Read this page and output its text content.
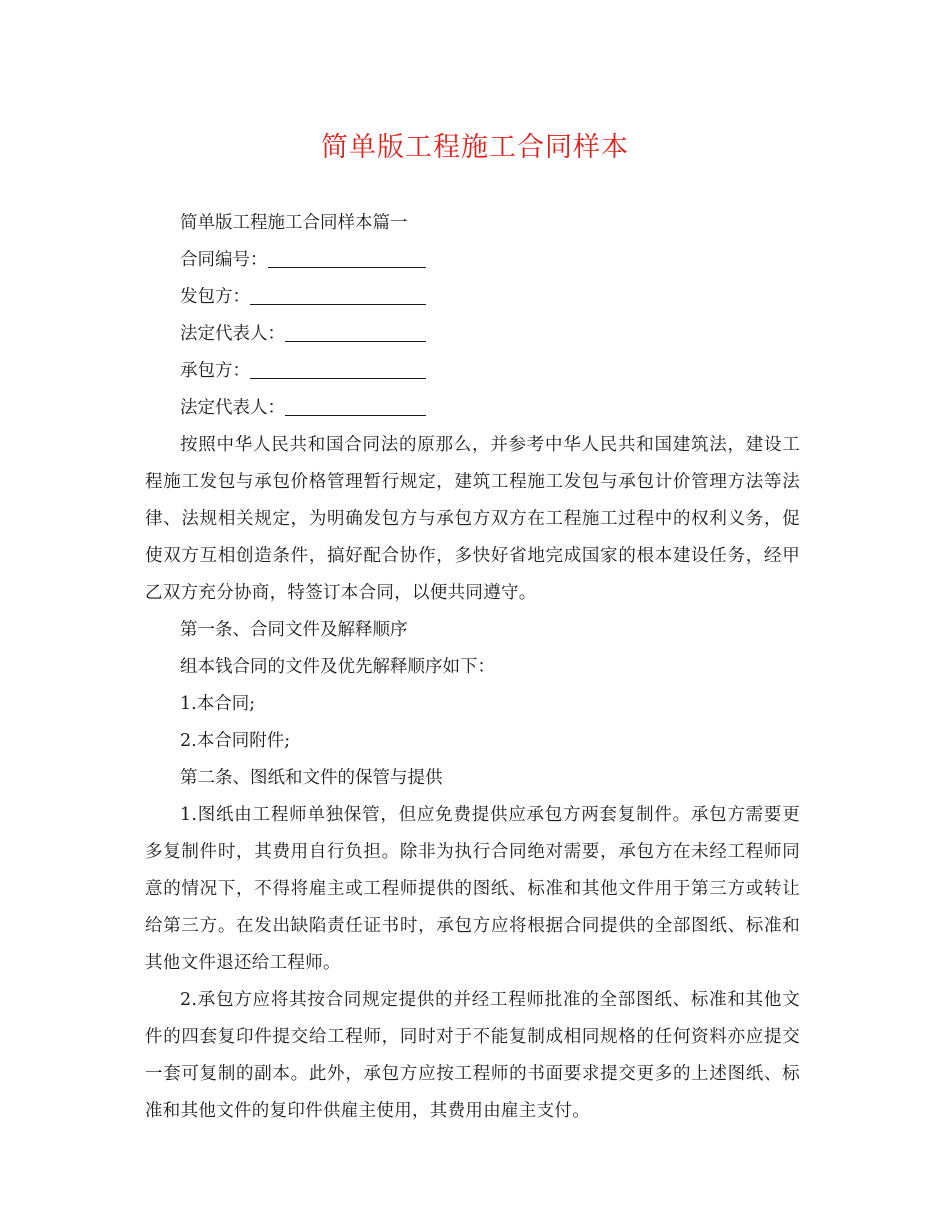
简单版工程施工合同样本

简单版工程施工合同样本篇一

合同编号：

发包方：

法定代表人：

承包方：

法定代表人：

按照中华人民共和国合同法的原那么，并参考中华人民共和国建筑法，建设工程施工发包与承包价格管理暂行规定，建筑工程施工发包与承包计价管理方法等法律、法规相关规定，为明确发包方与承包方双方在工程施工过程中的权利义务，促使双方互相创造条件，搞好配合协作，多快好省地完成国家的根本建设任务，经甲乙双方充分协商，特签订本合同，以便共同遵守。

第一条、合同文件及解释顺序

组本钱合同的文件及优先解释顺序如下：

1.本合同;

2.本合同附件;

第二条、图纸和文件的保管与提供

1.图纸由工程师单独保管，但应免费提供应承包方两套复制件。承包方需要更多复制件时，其费用自行负担。除非为执行合同绝对需要，承包方在未经工程师同意的情况下，不得将雇主或工程师提供的图纸、标准和其他文件用于第三方或转让给第三方。在发出缺陷责任证书时，承包方应将根据合同提供的全部图纸、标准和其他文件退还给工程师。

2.承包方应将其按合同规定提供的并经工程师批准的全部图纸、标准和其他文件的四套复印件提交给工程师，同时对于不能复制成相同规格的任何资料亦应提交一套可复制的副本。此外，承包方应按工程师的书面要求提交更多的上述图纸、标准和其他文件的复印件供雇主使用，其费用由雇主支付。
